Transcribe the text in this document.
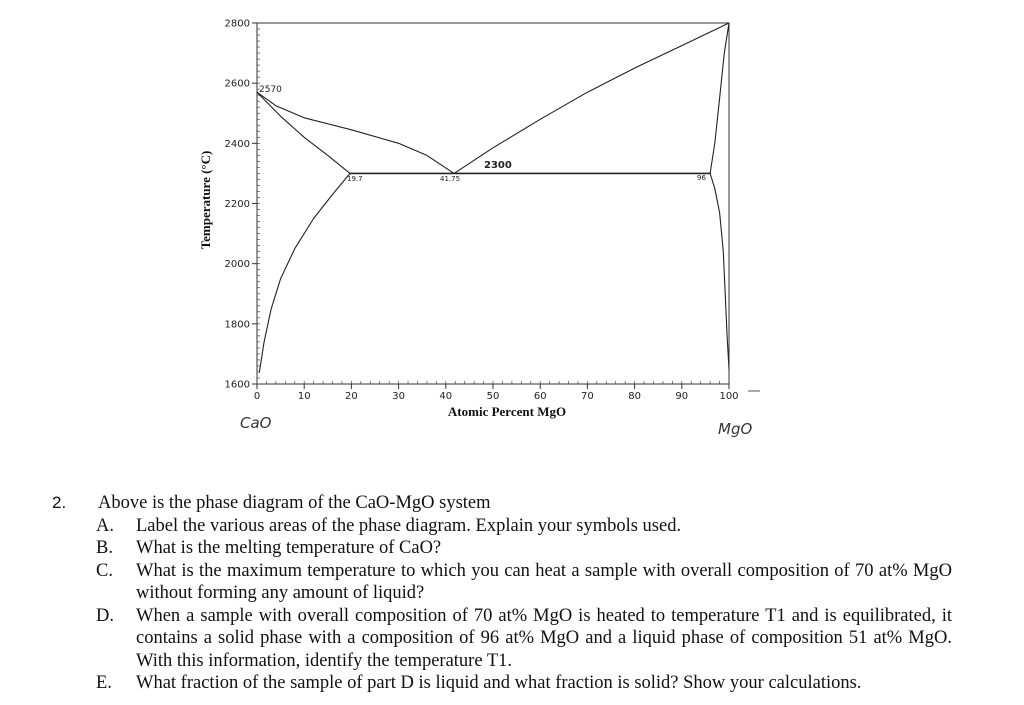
0	10	20	30	40	50	60	70	80	90	100
1600
1800
2000
2200
2400
2600
2800
2570
2300
19.7	41.75	96
Atomic Percent MgO
Temperature (°C)
CaO	MgO
2. Above is the phase diagram of the CaO-MgO system
A. Label the various areas of the phase diagram. Explain your symbols used.
B. What is the melting temperature of CaO?
C. What is the maximum temperature to which you can heat a sample with overall composition of 70 at% MgO without forming any amount of liquid?
D. When a sample with overall composition of 70 at% MgO is heated to temperature T1 and is equilibrated, it contains a solid phase with a composition of 96 at% MgO and a liquid phase of composition 51 at% MgO. With this information, identify the temperature T1.
E. What fraction of the sample of part D is liquid and what fraction is solid? Show your calculations.
